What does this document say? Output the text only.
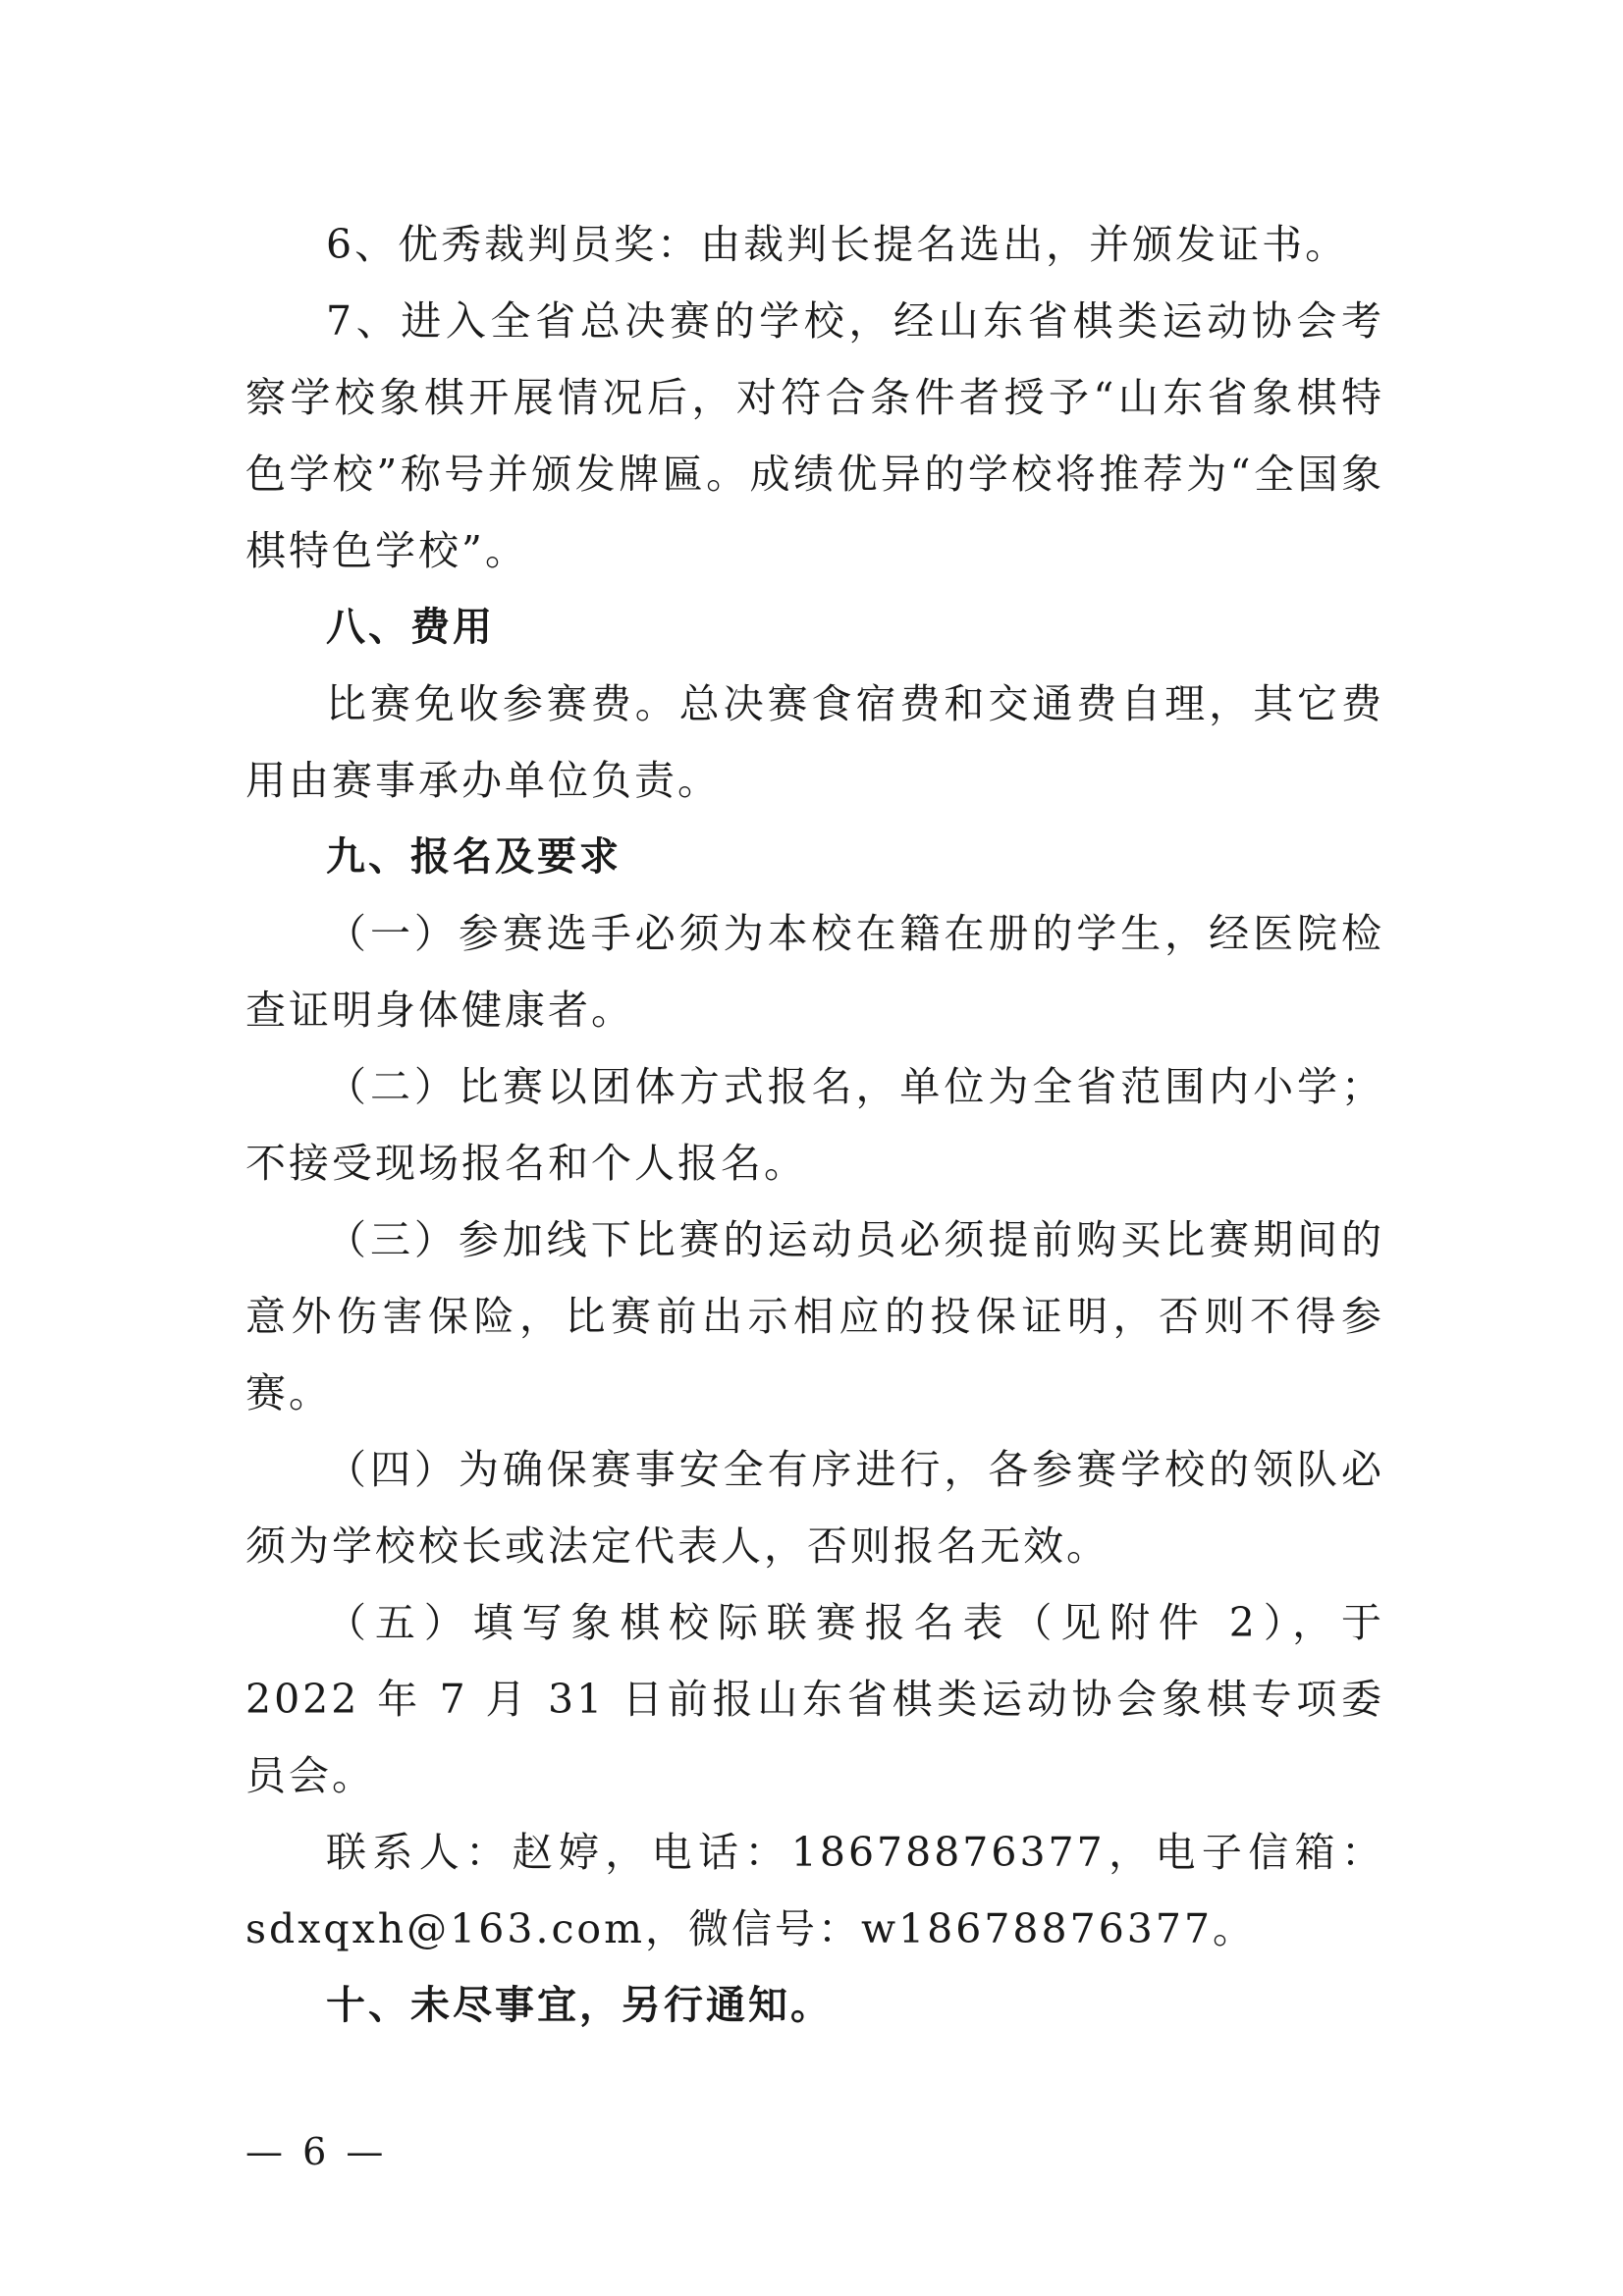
6、优秀裁判员奖：由裁判长提名选出，并颁发证书。

7、进入全省总决赛的学校，经山东省棋类运动协会考察学校象棋开展情况后，对符合条件者授予“山东省象棋特色学校”称号并颁发牌匾。成绩优异的学校将推荐为“全国象棋特色学校”。

八、费用

比赛免收参赛费。总决赛食宿费和交通费自理，其它费用由赛事承办单位负责。

九、报名及要求

（一）参赛选手必须为本校在籍在册的学生，经医院检查证明身体健康者。

（二）比赛以团体方式报名，单位为全省范围内小学；不接受现场报名和个人报名。

（三）参加线下比赛的运动员必须提前购买比赛期间的意外伤害保险，比赛前出示相应的投保证明，否则不得参赛。

（四）为确保赛事安全有序进行，各参赛学校的领队必须为学校校长或法定代表人，否则报名无效。

（五）填写象棋校际联赛报名表（见附件 2），于 2022 年 7 月 31 日前报山东省棋类运动协会象棋专项委员会。

联系人：赵婷，电话：18678876377，电子信箱：sdxqxh@163.com，微信号：w18678876377。

十、未尽事宜，另行通知。

— 6 —
